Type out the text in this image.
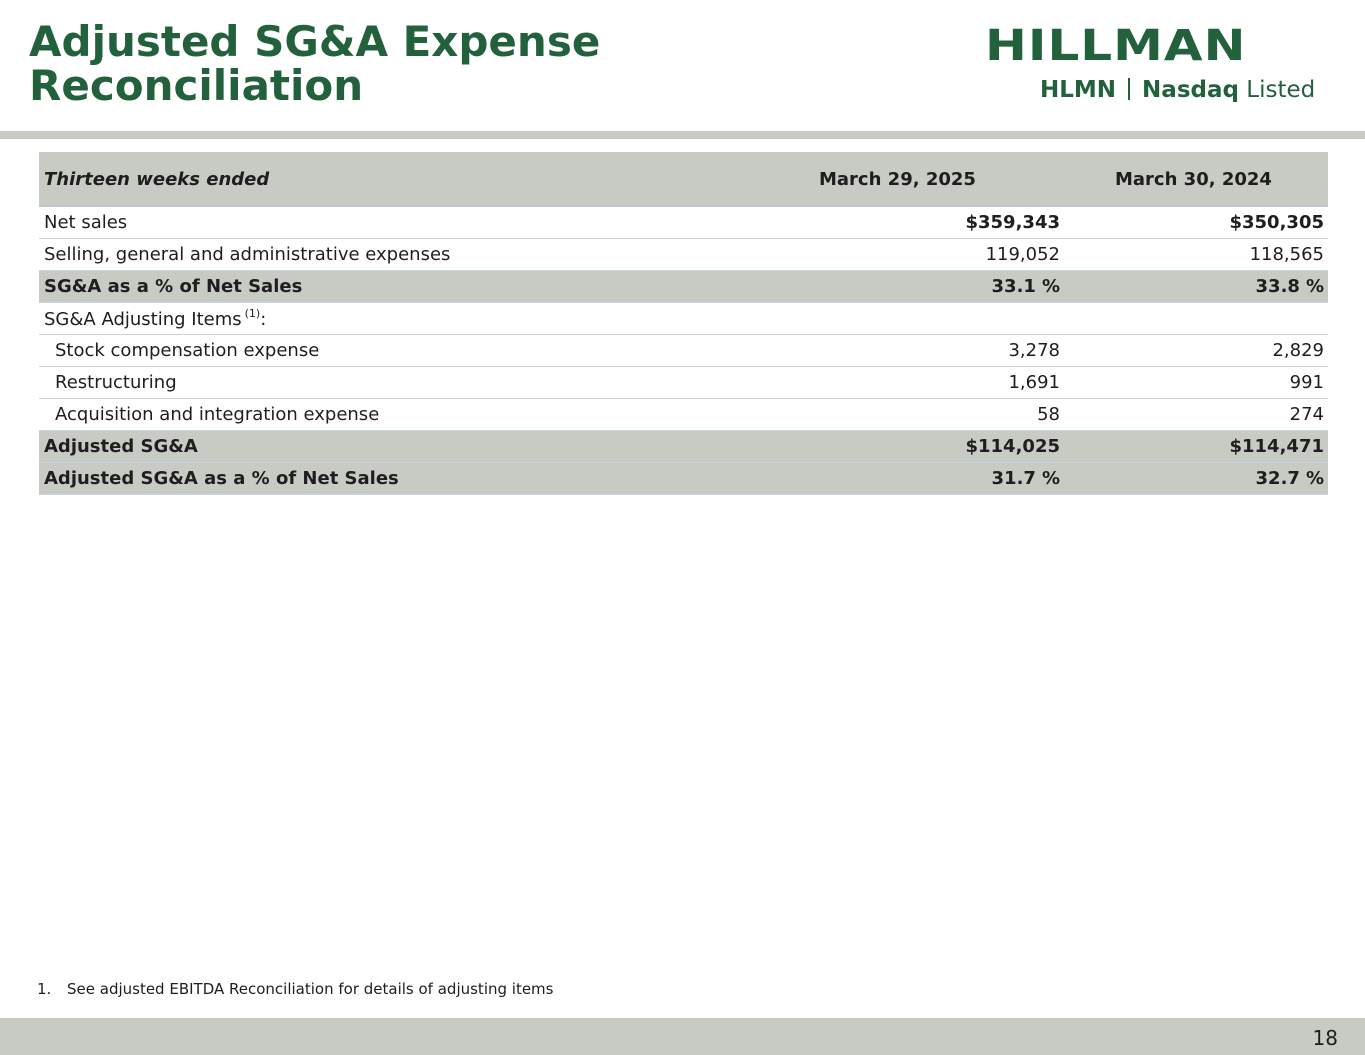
Adjusted SG&A Expense
Reconciliation
HILLMAN
HLMN Nasdaq Listed
Thirteen weeks ended	March 29, 2025	March 30, 2024
Net sales	$359,343	$350,305
Selling, general and administrative expenses	119,052	118,565
SG&A as a % of Net Sales	33.1 %	33.8 %
SG&A Adjusting Items $^{(1)}$:		
Stock compensation expense	3,278	2,829
Restructuring	1,691	991
Acquisition and integration expense	58	274
Adjusted SG&A	$114,025	$114,471
Adjusted SG&A as a % of Net Sales	31.7 %	32.7 %
1. See adjusted EBITDA Reconciliation for details of adjusting items
18
